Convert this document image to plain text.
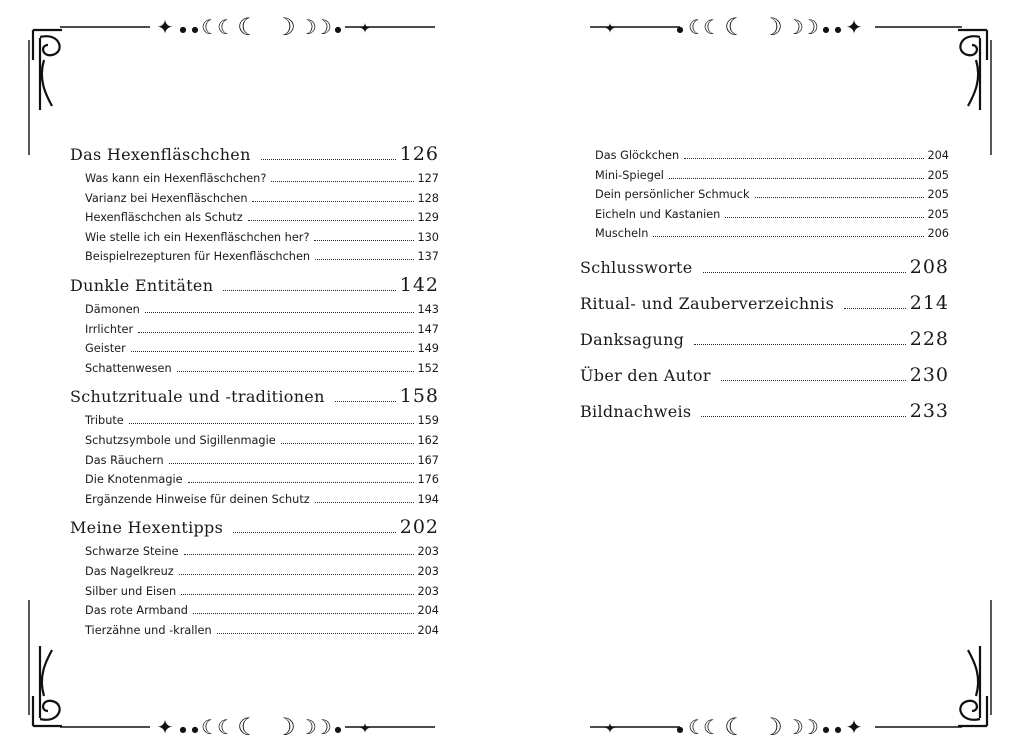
✦ ● ● ☾
☾ ☾ ☽ ☽
☽ ●	● ☾
☾ ☾ ☽ ☽
☽ ● ● ✦
✦	✦
✦ ● ● ☾
☾ ☾ ☽ ☽
☽ ●	● ☾
☾ ☾ ☽ ☽
☽ ● ● ✦
✦	✦
Das Hexenfläschchen	126
Was kann ein Hexenfläschchen?	127
Varianz bei Hexenfläschchen	128
Hexenfläschchen als Schutz	129
Wie stelle ich ein Hexenfläschchen her?	130
Beispielrezepturen für Hexenfläschchen	137
Dunkle Entitäten	142
Dämonen	143
Irrlichter	147
Geister	149
Schattenwesen	152
Schutzrituale und -traditionen	158
Tribute	159
Schutzsymbole und Sigillenmagie	162
Das Räuchern	167
Die Knotenmagie	176
Ergänzende Hinweise für deinen Schutz	194
Meine Hexentipps	202
Schwarze Steine	203
Das Nagelkreuz	203
Silber und Eisen	203
Das rote Armband	204
Tierzähne und -krallen	204
Das Glöckchen	204
Mini-Spiegel	205
Dein persönlicher Schmuck	205
Eicheln und Kastanien	205
Muscheln	206
Schlussworte	208
Ritual- und Zauberverzeichnis	214
Danksagung	228
Über den Autor	230
Bildnachweis	233
